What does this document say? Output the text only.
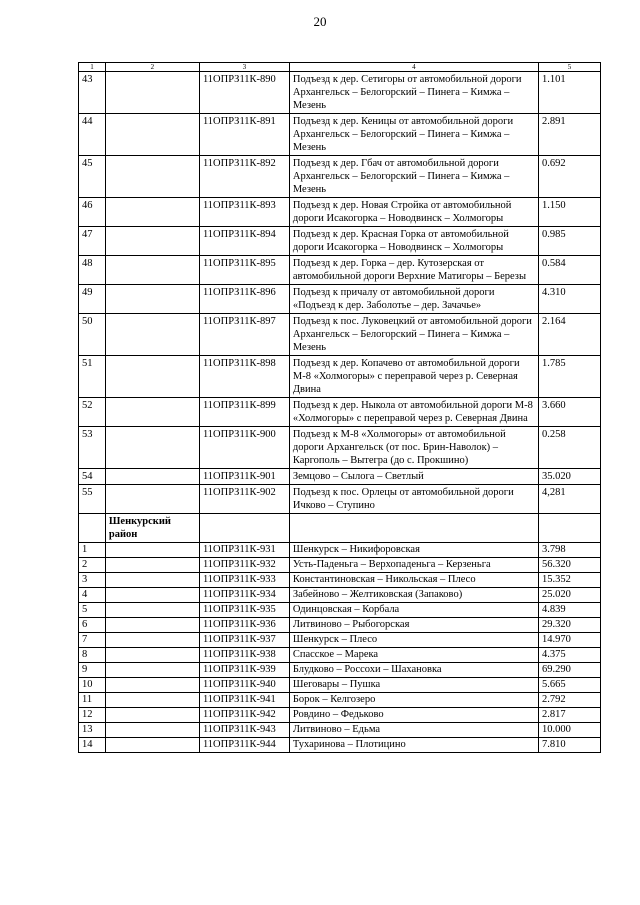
20
1	2	3	4	5
43		11ОПРЗ11К-890	Подъезд к дер. Сетигоры от автомобильной дороги Архангельск – Белогорский – Пинега – Кимжа – Мезень	1.101
44		11ОПРЗ11К-891	Подъезд к дер. Кеницы от автомобильной дороги Архангельск – Белогорский – Пинега – Кимжа – Мезень	2.891
45		11ОПРЗ11К-892	Подъезд к дер. Гбач от автомобильной дороги Архангельск – Белогорский – Пинега – Кимжа – Мезень	0.692
46		11ОПРЗ11К-893	Подъезд к дер. Новая Стройка от автомобильной дороги Исакогорка – Новодвинск – Холмогоры	1.150
47		11ОПРЗ11К-894	Подъезд к дер. Красная Горка от автомобильной дороги Исакогорка – Новодвинск – Холмогоры	0.985
48		11ОПРЗ11К-895	Подъезд к дер. Горка – дер. Кутозерская от автомобильной дороги Верхние Матигоры – Березы	0.584
49		11ОПРЗ11К-896	Подъезд к причалу от автомобильной дороги «Подъезд к дер. Заболотье – дер. Зачачье»	4.310
50		11ОПРЗ11К-897	Подъезд к пос. Луковецкий от автомобильной дороги Архангельск – Белогорский – Пинега – Кимжа – Мезень	2.164
51		11ОПРЗ11К-898	Подъезд к дер. Копачево от автомобильной дороги М-8 «Холмогоры» с переправой через р. Северная Двина	1.785
52		11ОПРЗ11К-899	Подъезд к дер. Ныкола от автомобильной дороги М-8 «Холмогоры» с переправой через р. Северная Двина	3.660
53		11ОПРЗ11К-900	Подъезд к М-8 «Холмогоры» от автомобильной дороги Архангельск (от пос. Брин-Наволок) – Каргополь – Вытегра (до с. Прокшино)	0.258
54		11ОПРЗ11К-901	Земцово – Сылога – Светлый	35.020
55		11ОПРЗ11К-902	Подъезд к пос. Орлецы от автомобильной дороги Ичково – Ступино	4,281
	Шенкурский район			
1		11ОПРЗ11К-931	Шенкурск – Никифоровская	3.798
2		11ОПРЗ11К-932	Усть-Паденьга – Верхопаденьга – Керзеньга	56.320
3		11ОПРЗ11К-933	Константиновская – Никольская – Плесо	15.352
4		11ОПРЗ11К-934	Забейново – Желтиковская (Запаково)	25.020
5		11ОПРЗ11К-935	Одинцовская – Корбала	4.839
6		11ОПРЗ11К-936	Литвиново – Рыбогорская	29.320
7		11ОПРЗ11К-937	Шенкурск – Плесо	14.970
8		11ОПРЗ11К-938	Спасское – Марека	4.375
9		11ОПРЗ11К-939	Блудково – Россохи – Шахановка	69.290
10		11ОПРЗ11К-940	Шеговары – Пушка	5.665
11		11ОПРЗ11К-941	Борок – Келгозеро	2.792
12		11ОПРЗ11К-942	Ровдино – Федьково	2.817
13		11ОПРЗ11К-943	Литвиново – Едьма	10.000
14		11ОПРЗ11К-944	Тухаринова – Плотицино	7.810
